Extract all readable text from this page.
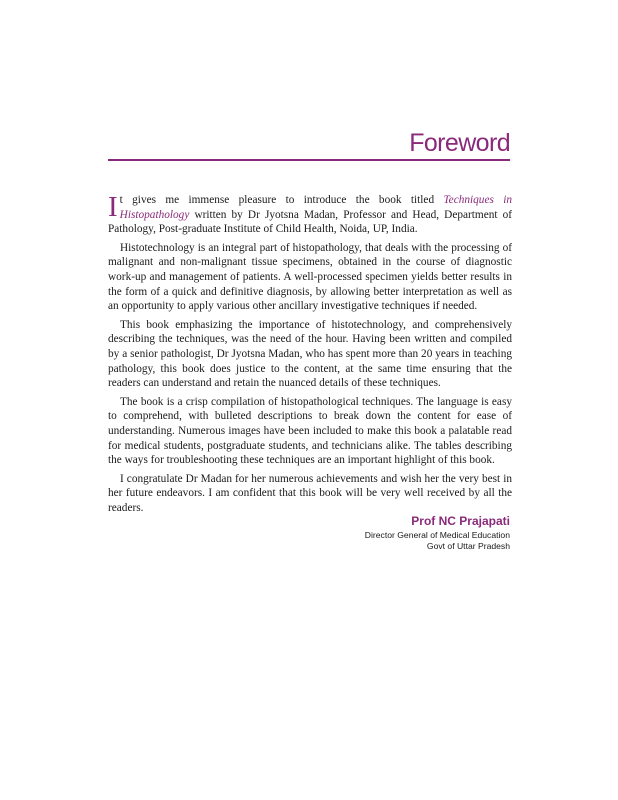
Foreword

It gives me immense pleasure to introduce the book titled Techniques in Histopathology written by Dr Jyotsna Madan, Professor and Head, Department of Pathology, Post-graduate Institute of Child Health, Noida, UP, India.

Histotechnology is an integral part of histopathology, that deals with the processing of malignant and non-malignant tissue specimens, obtained in the course of diagnostic work-up and management of patients. A well-processed specimen yields better results in the form of a quick and definitive diagnosis, by allowing better interpretation as well as an opportunity to apply various other ancillary investigative techniques if needed.

This book emphasizing the importance of histotechnology, and comprehensively describing the techniques, was the need of the hour. Having been written and compiled by a senior pathologist, Dr Jyotsna Madan, who has spent more than 20 years in teaching pathology, this book does justice to the content, at the same time ensuring that the readers can understand and retain the nuanced details of these techniques.

The book is a crisp compilation of histopathological techniques. The language is easy to comprehend, with bulleted descriptions to break down the content for ease of understanding. Numerous images have been included to make this book a palatable read for medical students, postgraduate students, and technicians alike. The tables describing the ways for troubleshooting these techniques are an important highlight of this book.

I congratulate Dr Madan for her numerous achievements and wish her the very best in her future endeavors. I am confident that this book will be very well received by all the readers.

Prof NC Prajapati
Director General of Medical Education
Govt of Uttar Pradesh
